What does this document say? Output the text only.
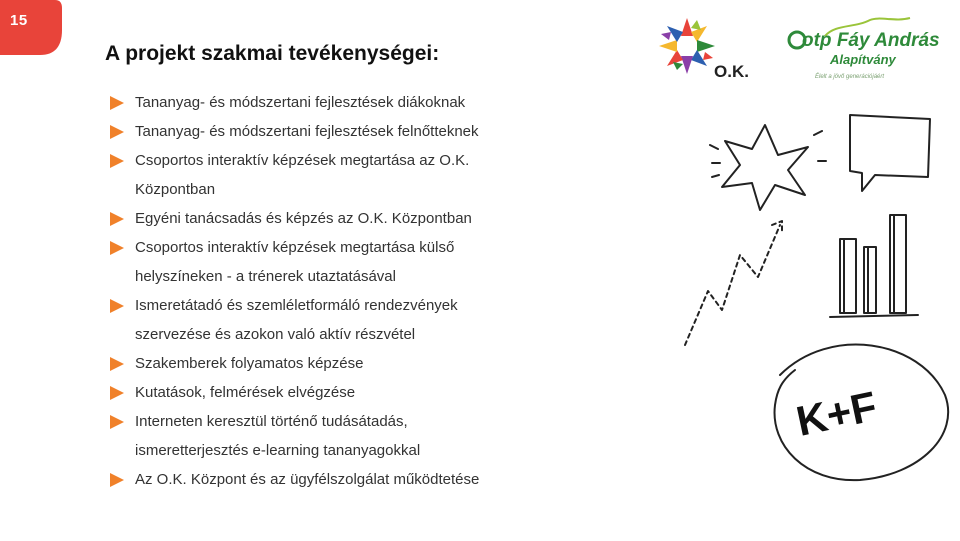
15
A projekt szakmai tevékenységei:
Tananyag- és módszertani fejlesztések diákoknak
Tananyag- és módszertani fejlesztések felnőtteknek
Csoportos interaktív képzések megtartása az O.K.
Központban
Egyéni tanácsadás és képzés az O.K. Központban
Csoportos interaktív képzések megtartása külső
helyszíneken - a trénerek utaztatásával
Ismeretátadó és szemléletformáló rendezvények
szervezése és azokon való aktív részvétel
Szakemberek folyamatos képzése
Kutatások, felmérések elvégzése
Interneten keresztül történő tudásátadás,
ismeretterjesztés e-learning tananyagokkal
Az O.K. Központ és az ügyfélszolgálat működtetése
O.K.
otp Fáy András
Alapítvány
Élelt a jövő generációjáért
K+F
